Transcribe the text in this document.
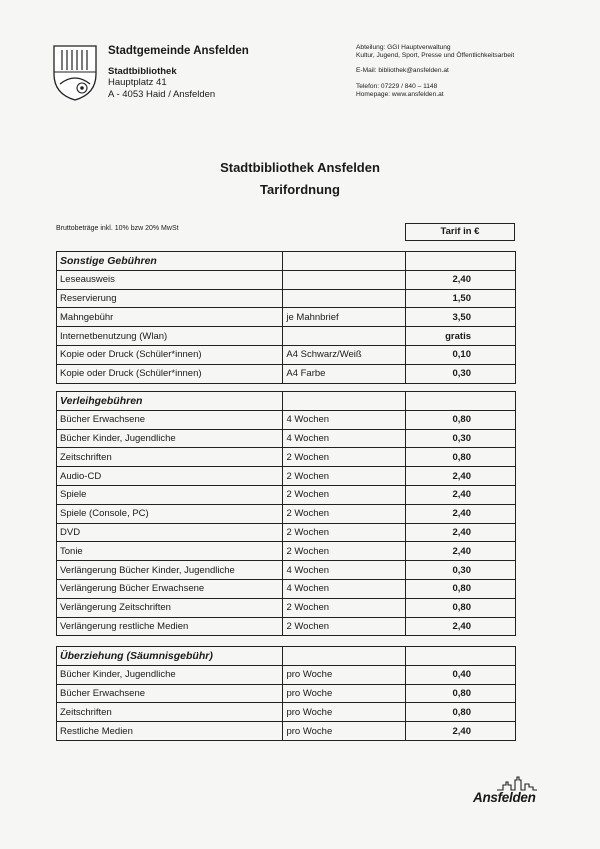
Stadtgemeinde Ansfelden
Stadtbibliothek
Hauptplatz 41
A - 4053 Haid / Ansfelden
Abteilung: GGI Hauptverwaltung
Kultur, Jugend, Sport, Presse und Öffentlichkeitsarbeit
E-Mail: bibliothek@ansfelden.at
Telefon: 07229 / 840 – 1148
Homepage: www.ansfelden.at
Stadtbibliothek Ansfelden
Tarifordnung
Bruttobeträge inkl. 10% bzw 20% MwSt	Tarif in €
Sonstige Gebühren		
Leseausweis		2,40
Reservierung		1,50
Mahngebühr	je Mahnbrief	3,50
Internetbenutzung (Wlan)		gratis
Kopie oder Druck (Schüler*innen)	A4 Schwarz/Weiß	0,10
Kopie oder Druck (Schüler*innen)	A4 Farbe	0,30
Verleihgebühren		
Bücher Erwachsene	4 Wochen	0,80
Bücher Kinder, Jugendliche	4 Wochen	0,30
Zeitschriften	2 Wochen	0,80
Audio-CD	2 Wochen	2,40
Spiele	2 Wochen	2,40
Spiele (Console, PC)	2 Wochen	2,40
DVD	2 Wochen	2,40
Tonie	2 Wochen	2,40
Verlängerung Bücher Kinder, Jugendliche	4 Wochen	0,30
Verlängerung Bücher Erwachsene	4 Wochen	0,80
Verlängerung Zeitschriften	2 Wochen	0,80
Verlängerung restliche Medien	2 Wochen	2,40
Überziehung (Säumnisgebühr)		
Bücher Kinder, Jugendliche	pro Woche	0,40
Bücher Erwachsene	pro Woche	0,80
Zeitschriften	pro Woche	0,80
Restliche Medien	pro Woche	2,40
Ansfelden
